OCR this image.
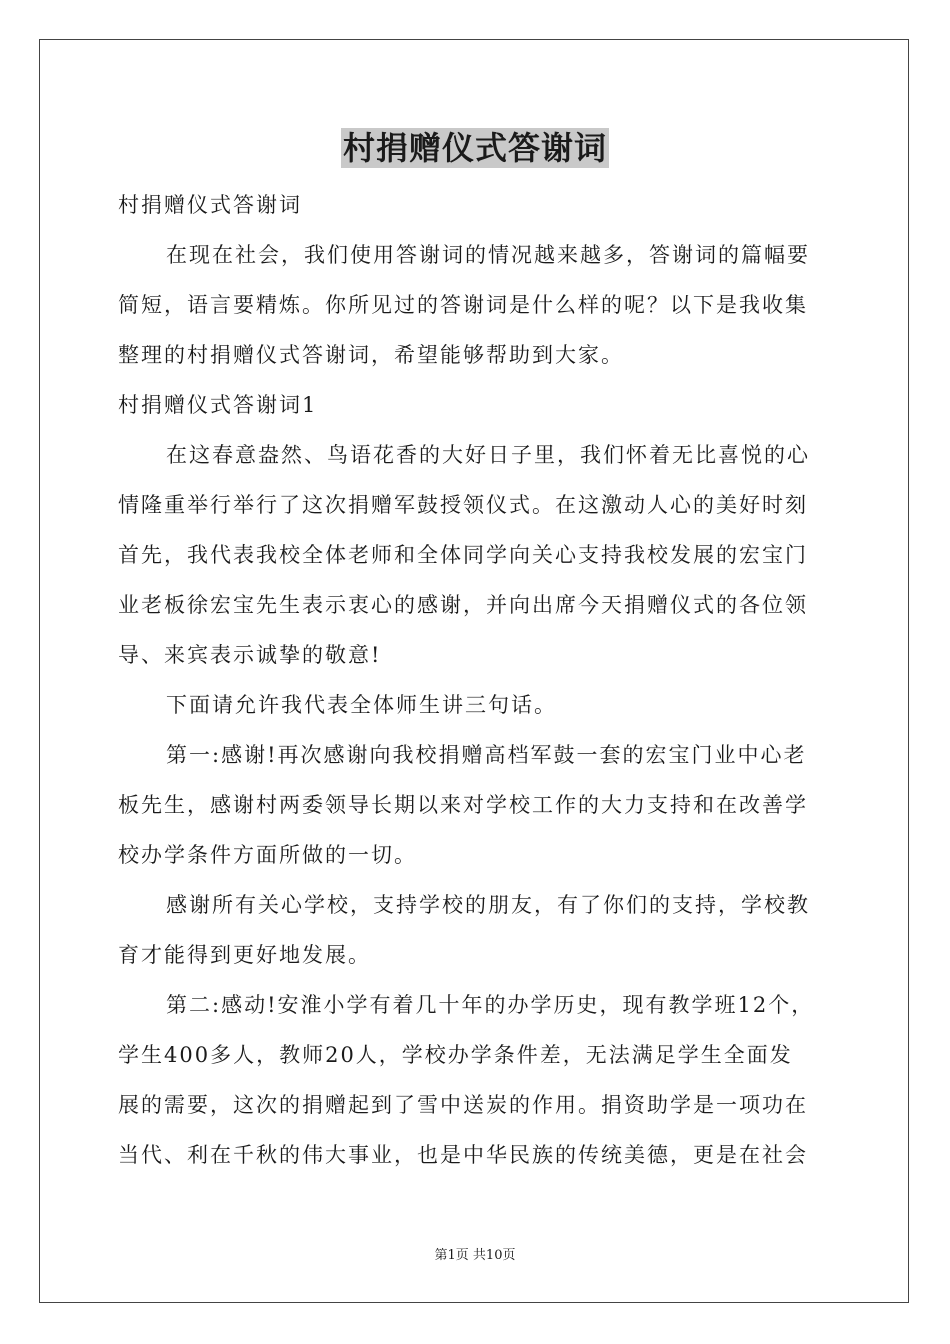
村捐赠仪式答谢词
村捐赠仪式答谢词
在现在社会，我们使用答谢词的情况越来越多，答谢词的篇幅要
简短，语言要精炼。你所见过的答谢词是什么样的呢？以下是我收集
整理的村捐赠仪式答谢词，希望能够帮助到大家。
村捐赠仪式答谢词1
在这春意盎然、鸟语花香的大好日子里，我们怀着无比喜悦的心
情隆重举行举行了这次捐赠军鼓授领仪式。在这激动人心的美好时刻
首先，我代表我校全体老师和全体同学向关心支持我校发展的宏宝门
业老板徐宏宝先生表示衷心的感谢，并向出席今天捐赠仪式的各位领
导、来宾表示诚挚的敬意!
下面请允许我代表全体师生讲三句话。
第一:感谢!再次感谢向我校捐赠高档军鼓一套的宏宝门业中心老
板先生，感谢村两委领导长期以来对学校工作的大力支持和在改善学
校办学条件方面所做的一切。
感谢所有关心学校，支持学校的朋友，有了你们的支持，学校教
育才能得到更好地发展。
第二:感动!安淮小学有着几十年的办学历史，现有教学班12个，
学生400多人，教师20人，学校办学条件差，无法满足学生全面发
展的需要，这次的捐赠起到了雪中送炭的作用。捐资助学是一项功在
当代、利在千秋的伟大事业，也是中华民族的传统美德，更是在社会
第1页 共10页
